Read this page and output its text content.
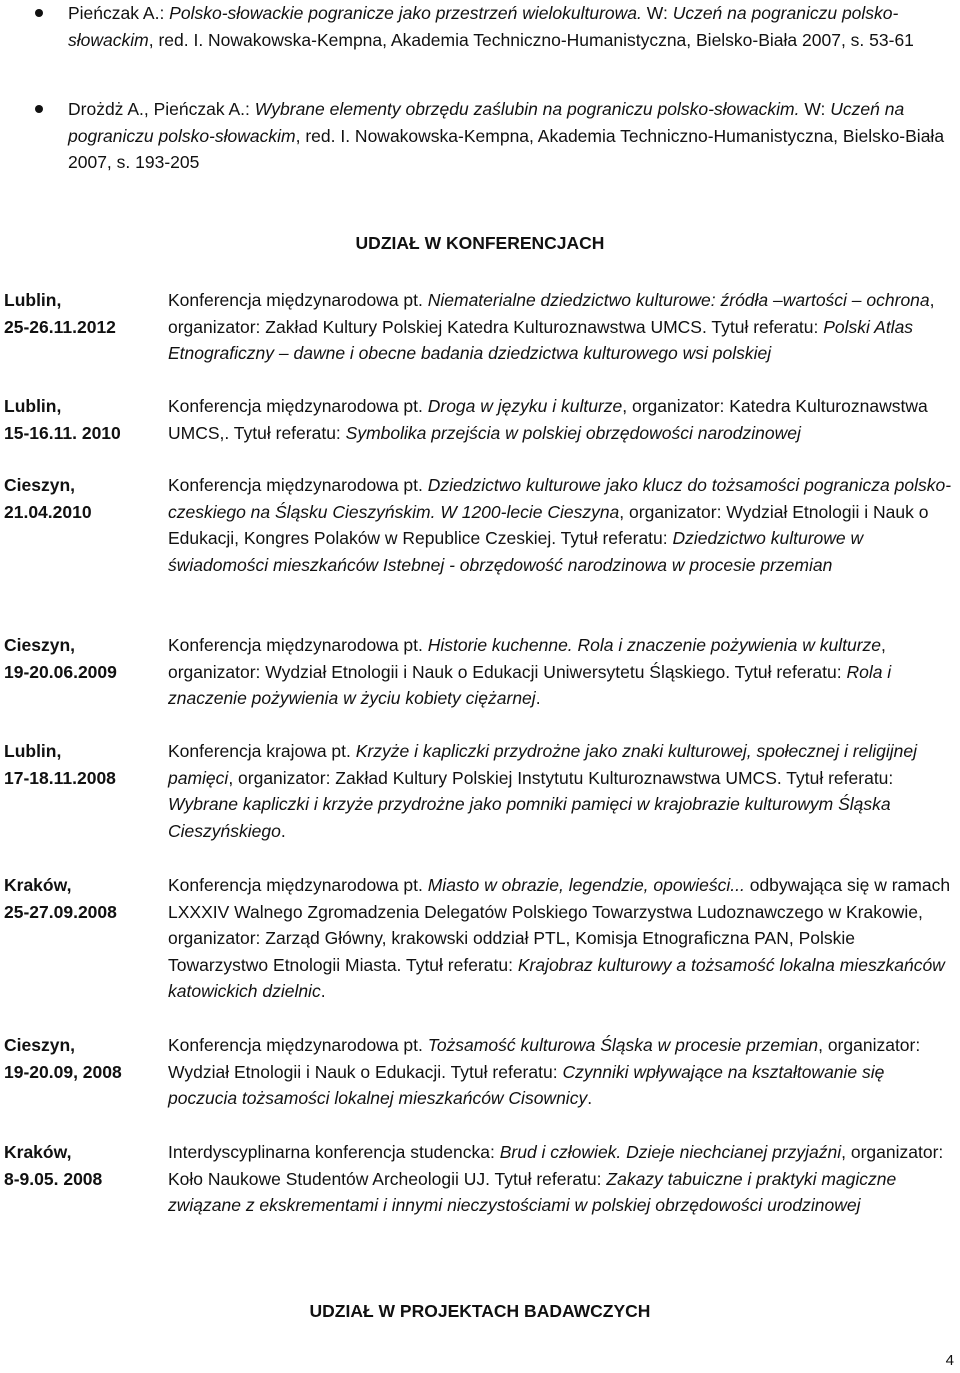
Pieńczak A.: Polsko-słowackie pogranicze jako przestrzeń wielokulturowa. W: Uczeń na pograniczu polsko-słowackim, red. I. Nowakowska-Kempna, Akademia Techniczno-Humanistyczna, Bielsko-Biała 2007, s. 53-61
Drożdż A., Pieńczak A.: Wybrane elementy obrzędu zaślubin na pograniczu polsko-słowackim. W: Uczeń na pograniczu polsko-słowackim, red. I. Nowakowska-Kempna, Akademia Techniczno-Humanistyczna, Bielsko-Biała 2007, s. 193-205
UDZIAŁ W KONFERENCJACH
Lublin,
25-26.11.2012
Konferencja międzynarodowa pt. Niematerialne dziedzictwo kulturowe: źródła –wartości – ochrona, organizator: Zakład Kultury Polskiej Katedra Kulturoznawstwa UMCS. Tytuł referatu: Polski Atlas Etnograficzny – dawne i obecne badania dziedzictwa kulturowego wsi polskiej
Lublin,
15-16.11. 2010
Konferencja międzynarodowa pt. Droga w języku i kulturze, organizator: Katedra Kulturoznawstwa UMCS,. Tytuł referatu: Symbolika przejścia w polskiej obrzędowości narodzinowej
Cieszyn,
21.04.2010
Konferencja międzynarodowa pt. Dziedzictwo kulturowe jako klucz do tożsamości pogranicza polsko-czeskiego na Śląsku Cieszyńskim. W 1200-lecie Cieszyna, organizator: Wydział Etnologii i Nauk o Edukacji, Kongres Polaków w Republice Czeskiej. Tytuł referatu: Dziedzictwo kulturowe w świadomości mieszkańców Istebnej - obrzędowość narodzinowa w procesie przemian
Cieszyn,
19-20.06.2009
Konferencja międzynarodowa pt. Historie kuchenne. Rola i znaczenie pożywienia w kulturze, organizator: Wydział Etnologii i Nauk o Edukacji Uniwersytetu Śląskiego. Tytuł referatu: Rola i znaczenie pożywienia w życiu kobiety ciężarnej.
Lublin,
17-18.11.2008
Konferencja krajowa pt. Krzyże i kapliczki przydrożne jako znaki kulturowej, społecznej i religijnej pamięci, organizator: Zakład Kultury Polskiej Instytutu Kulturoznawstwa UMCS. Tytuł referatu: Wybrane kapliczki i krzyże przydrożne jako pomniki pamięci w krajobrazie kulturowym Śląska Cieszyńskiego.
Kraków,
25-27.09.2008
Konferencja międzynarodowa pt. Miasto w obrazie, legendzie, opowieści... odbywająca się w ramach LXXXIV Walnego Zgromadzenia Delegatów Polskiego Towarzystwa Ludoznawczego w Krakowie, organizator: Zarząd Główny, krakowski oddział PTL, Komisja Etnograficzna PAN, Polskie Towarzystwo Etnologii Miasta. Tytuł referatu: Krajobraz kulturowy a tożsamość lokalna mieszkańców katowickich dzielnic.
Cieszyn,
19-20.09, 2008
Konferencja międzynarodowa pt. Tożsamość kulturowa Śląska w procesie przemian, organizator: Wydział Etnologii i Nauk o Edukacji. Tytuł referatu: Czynniki wpływające na kształtowanie się poczucia tożsamości lokalnej mieszkańców Cisownicy.
Kraków,
8-9.05. 2008
Interdyscyplinarna konferencja studencka: Brud i człowiek. Dzieje niechcianej przyjaźni, organizator: Koło Naukowe Studentów Archeologii UJ. Tytuł referatu: Zakazy tabuiczne i praktyki magiczne związane z ekskrementami i innymi nieczystościami w polskiej obrzędowości urodzinowej
UDZIAŁ W PROJEKTACH BADAWCZYCH
4
